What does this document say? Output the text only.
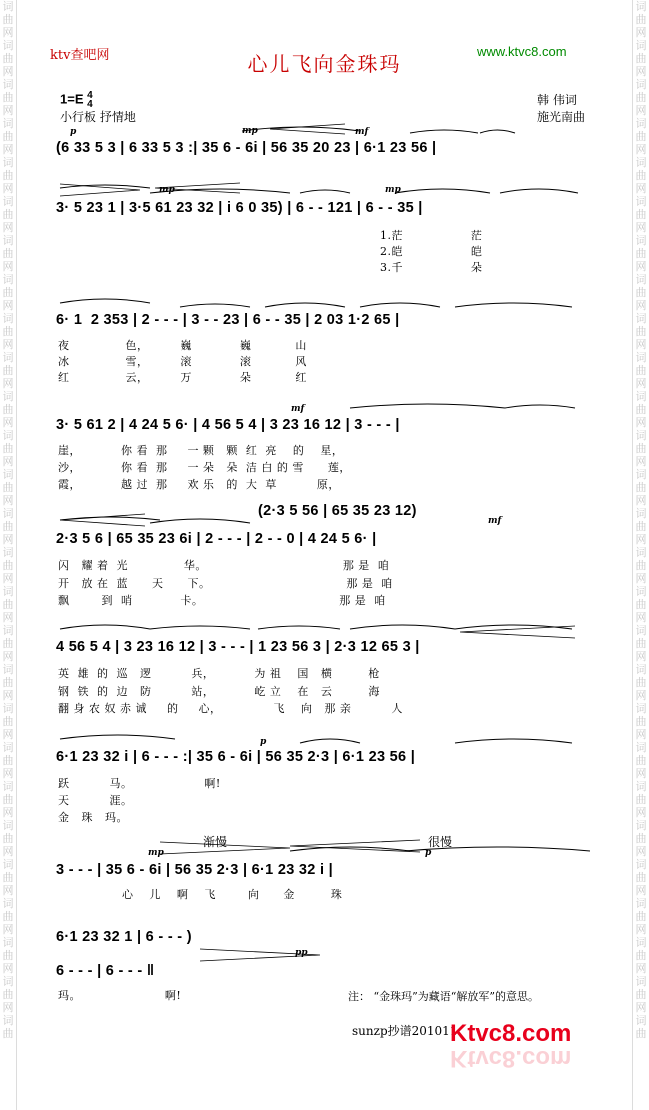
词
曲
网
词
曲
网
词
曲
网
词
曲
网
词
曲
网
词
曲
网
词
曲
网
词
曲
网
词
曲
网
词
曲
网
词
曲
网
词
曲
网
词
曲
网
词
曲
网
词
曲
网
词
曲
网
词
曲
网
词
曲
网
词
曲
网
词
曲
网
词
曲
网
词
曲
网
词
曲
网
词
曲
网
词
曲
网
词
曲
网
词
曲
词
曲
网
词
曲
网
词
曲
网
词
曲
网
词
曲
网
词
曲
网
词
曲
网
词
曲
网
词
曲
网
词
曲
网
词
曲
网
词
曲
网
词
曲
网
词
曲
网
词
曲
网
词
曲
网
词
曲
网
词
曲
网
词
曲
网
词
曲
网
词
曲
网
词
曲
网
词
曲
网
词
曲
网
词
曲
网
词
曲
网
词
曲
ktv查吧网	www.ktvc8.com
心儿飞向金珠玛
1=E 4
4
小行板 抒情地
韩 伟词
施光南曲
(6 33 5 3 | 6 33 5 3 :| 35 6 - 6i | 56 35 20 23 | 6·1 23 56 |
3· 5 23 1 | 3·5 61 23 32 | i 6 0 35) | 6 - - 121 | 6 - - 35 |
1.茫                 茫
2.皑                 皑
3.千                 朵
6· 1  2 353 | 2 - - - | 3 - - 23 | 6 - - 35 | 2 03 1·2 65 |
夜              色，        巍            巍           山
冰              雪，        滚            滚           风
红              云，        万            朵           红
3· 5 61 2 | 4 24 5 6· | 4 56 5 4 | 3 23 16 12 | 3 - - - |
崖，          你 看  那     一 颗   颗  红  亮    的    星，
沙，          你 看  那     一 朵   朵  洁 白 的 雪      莲，
霞，          越 过  那     欢 乐   的  大  草          原，
(2·3 5 56 | 65 35 23 12)
2·3 5 6 | 65 35 23 6i | 2 - - - | 2 - - 0 | 4 24 5 6· |
闪   耀 着  光              华。                                  那 是  咱
开   放 在  蓝      天      下。                                  那 是  咱
飘        到  哨            卡。                                  那 是  咱
4 56 5 4 | 3 23 16 12 | 3 - - - | 1 23 56 3 | 2·3 12 65 3 |
英  雄  的  巡   逻          兵，          为 祖    国   横         枪
钢  铁  的  边   防          站，          屹 立    在   云         海
翻 身 农 奴 赤 诚     的     心，             飞    向   那 亲          人
6·1 23 32 i | 6 - - - :| 35 6 - 6i | 56 35 2·3 | 6·1 23 56 |
跃          马。                  啊!
天          涯。
金   珠   玛。
渐慢	很慢
3 - - - | 35 6 - 6i | 56 35 2·3 | 6·1 23 32 i |
心    儿    啊    飞        向      金         珠
6·1 23 32 1 | 6 - - - )
6 - - - | 6 - - - ‖
玛。                     啊!	注： “金珠玛”为藏语“解放军”的意思。
sunzp抄谱201011
Ktvc8.com
Ktvc8.com
p	mp	mf
mp	mp
mf
mf
p
mp	p
pp
